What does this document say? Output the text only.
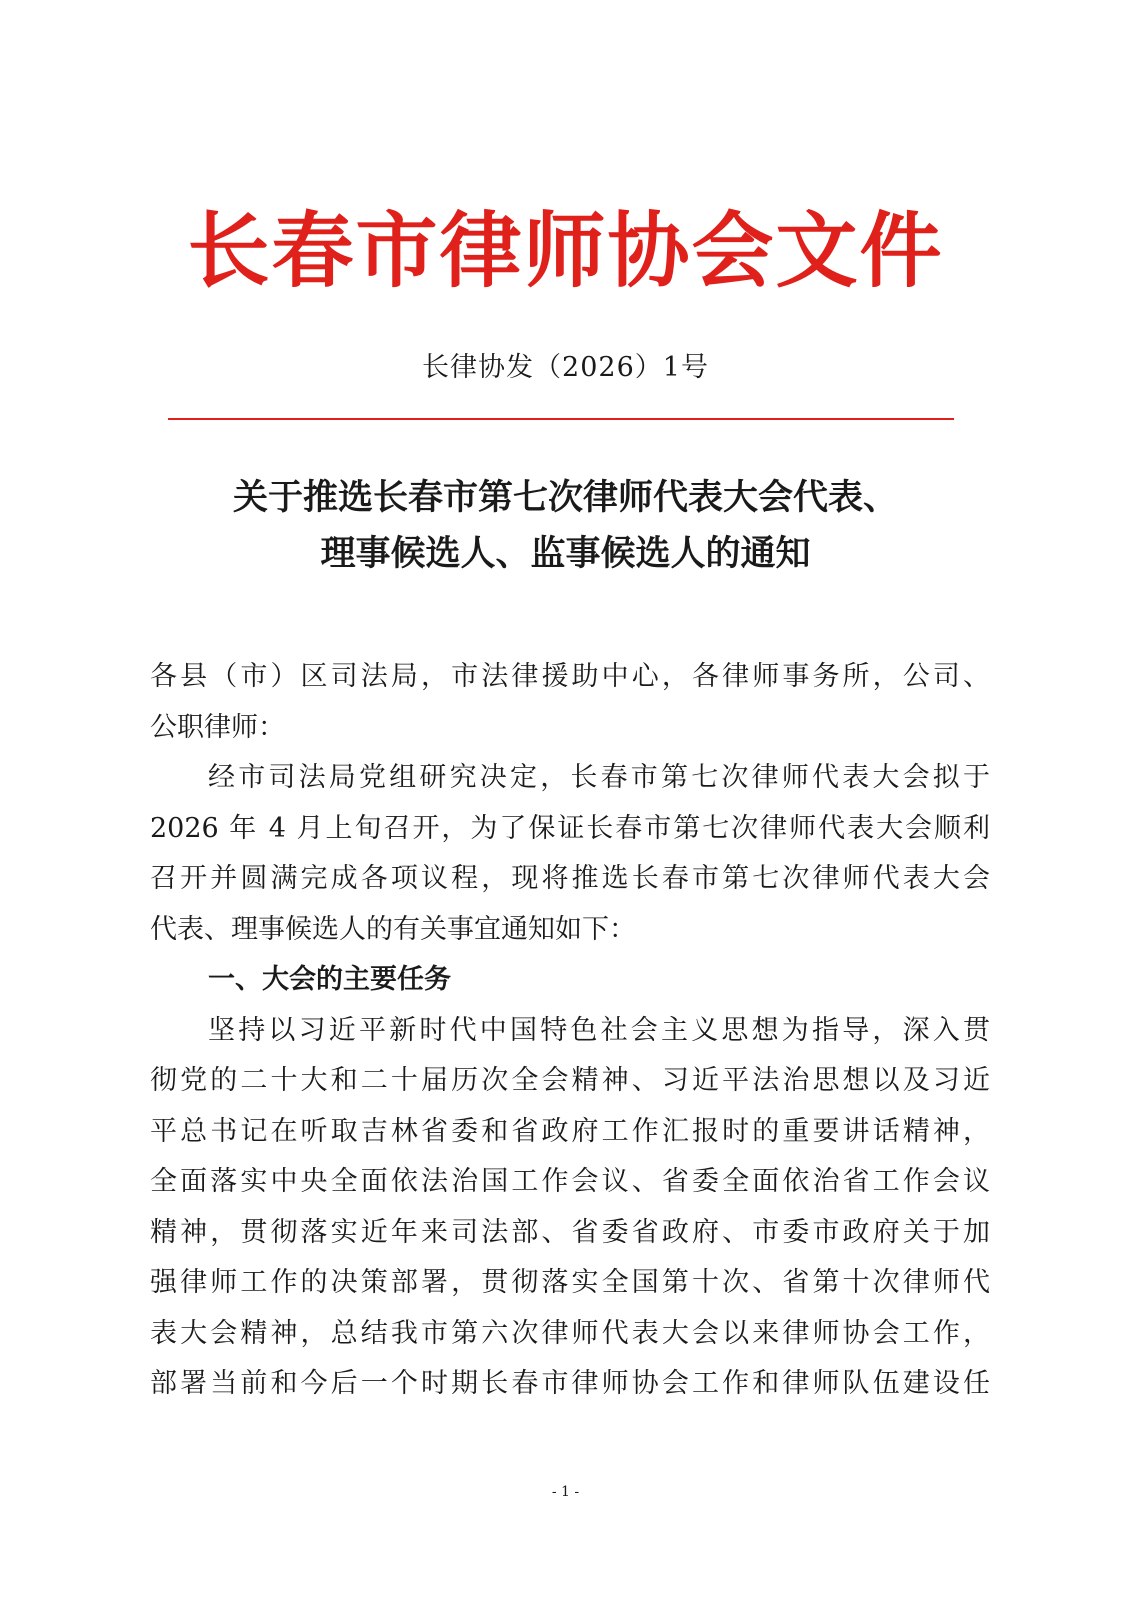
长春市律师协会文件
长律协发（2026）1号
关于推选长春市第七次律师代表大会代表、
理事候选人、监事候选人的通知
各县（市）区司法局，市法律援助中心，各律师事务所，公司、
公职律师：
经市司法局党组研究决定，长春市第七次律师代表大会拟于
2026 年 4 月上旬召开，为了保证长春市第七次律师代表大会顺利
召开并圆满完成各项议程，现将推选长春市第七次律师代表大会
代表、理事候选人的有关事宜通知如下：
一、大会的主要任务
坚持以习近平新时代中国特色社会主义思想为指导，深入贯
彻党的二十大和二十届历次全会精神、习近平法治思想以及习近
平总书记在听取吉林省委和省政府工作汇报时的重要讲话精神，
全面落实中央全面依法治国工作会议、省委全面依治省工作会议
精神，贯彻落实近年来司法部、省委省政府、市委市政府关于加
强律师工作的决策部署，贯彻落实全国第十次、省第十次律师代
表大会精神，总结我市第六次律师代表大会以来律师协会工作，
部署当前和今后一个时期长春市律师协会工作和律师队伍建设任
- 1 -
